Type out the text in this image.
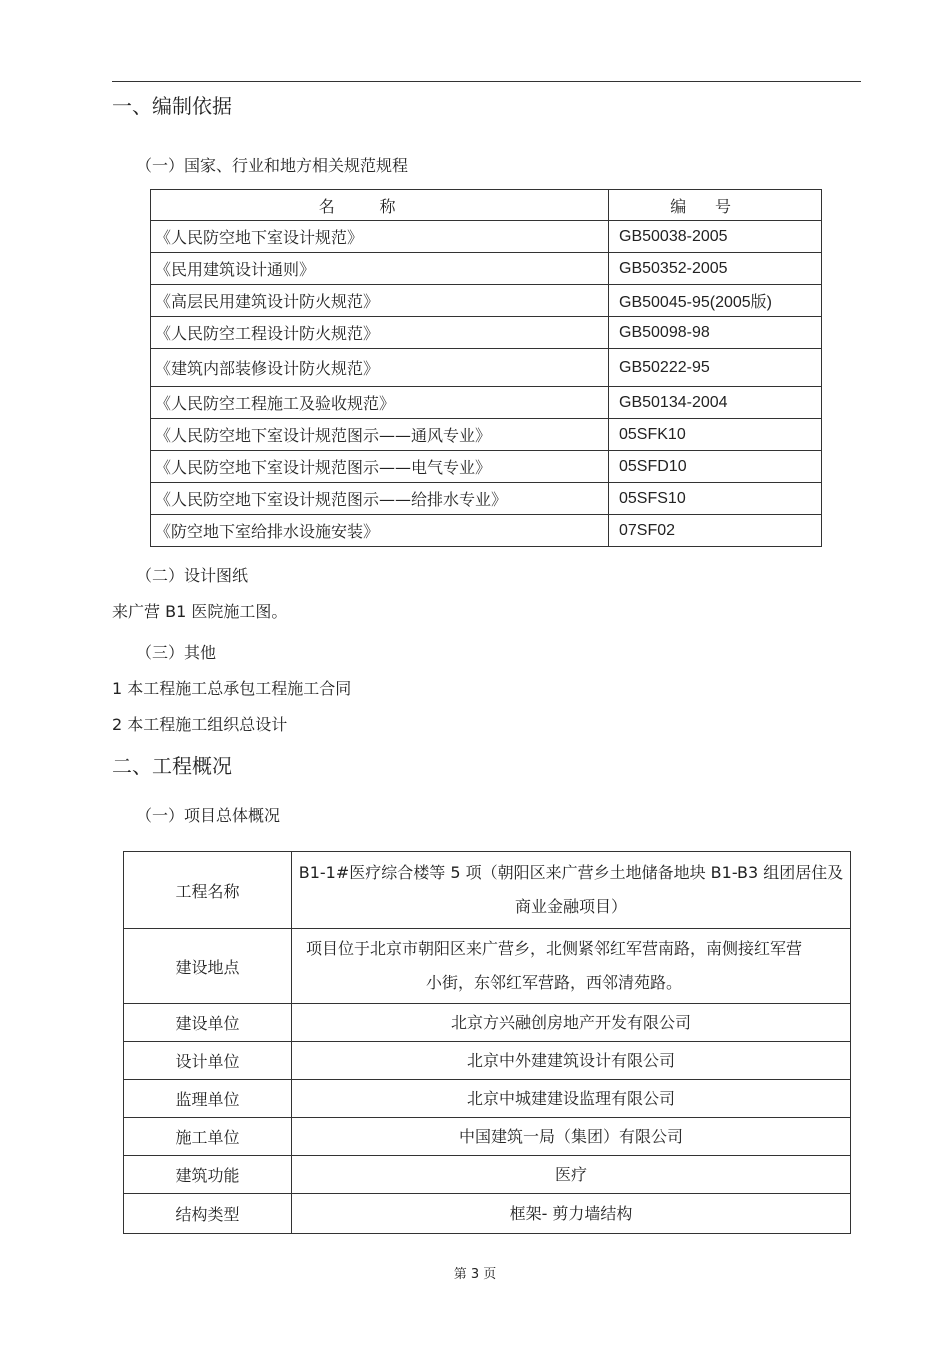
一、编制依据
（一）国家、行业和地方相关规范规程
名称	编号
《人民防空地下室设计规范》	GB50038-2005
《民用建筑设计通则》	GB50352-2005
《高层民用建筑设计防火规范》	GB50045-95(2005版)
《人民防空工程设计防火规范》	GB50098-98
《建筑内部装修设计防火规范》	GB50222-95
《人民防空工程施工及验收规范》	GB50134-2004
《人民防空地下室设计规范图示——通风专业》	05SFK10
《人民防空地下室设计规范图示——电气专业》	05SFD10
《人民防空地下室设计规范图示——给排水专业》	05SFS10
《防空地下室给排水设施安装》	07SF02
（二）设计图纸
来广营 B1 医院施工图。
（三）其他
1 本工程施工总承包工程施工合同
2 本工程施工组织总设计
二、工程概况
（一）项目总体概况
工程名称	B1-1#医疗综合楼等 5 项（朝阳区来广营乡土地储备地块 B1-B3 组团居住及商业金融项目）
建设地点	项目位于北京市朝阳区来广营乡，北侧紧邻红军营南路，南侧接红军营小街，东邻红军营路，西邻清苑路。
建设单位	北京方兴融创房地产开发有限公司
设计单位	北京中外建建筑设计有限公司
监理单位	北京中城建建设监理有限公司
施工单位	中国建筑一局（集团）有限公司
建筑功能	医疗
结构类型	框架- 剪力墙结构
第 3 页
